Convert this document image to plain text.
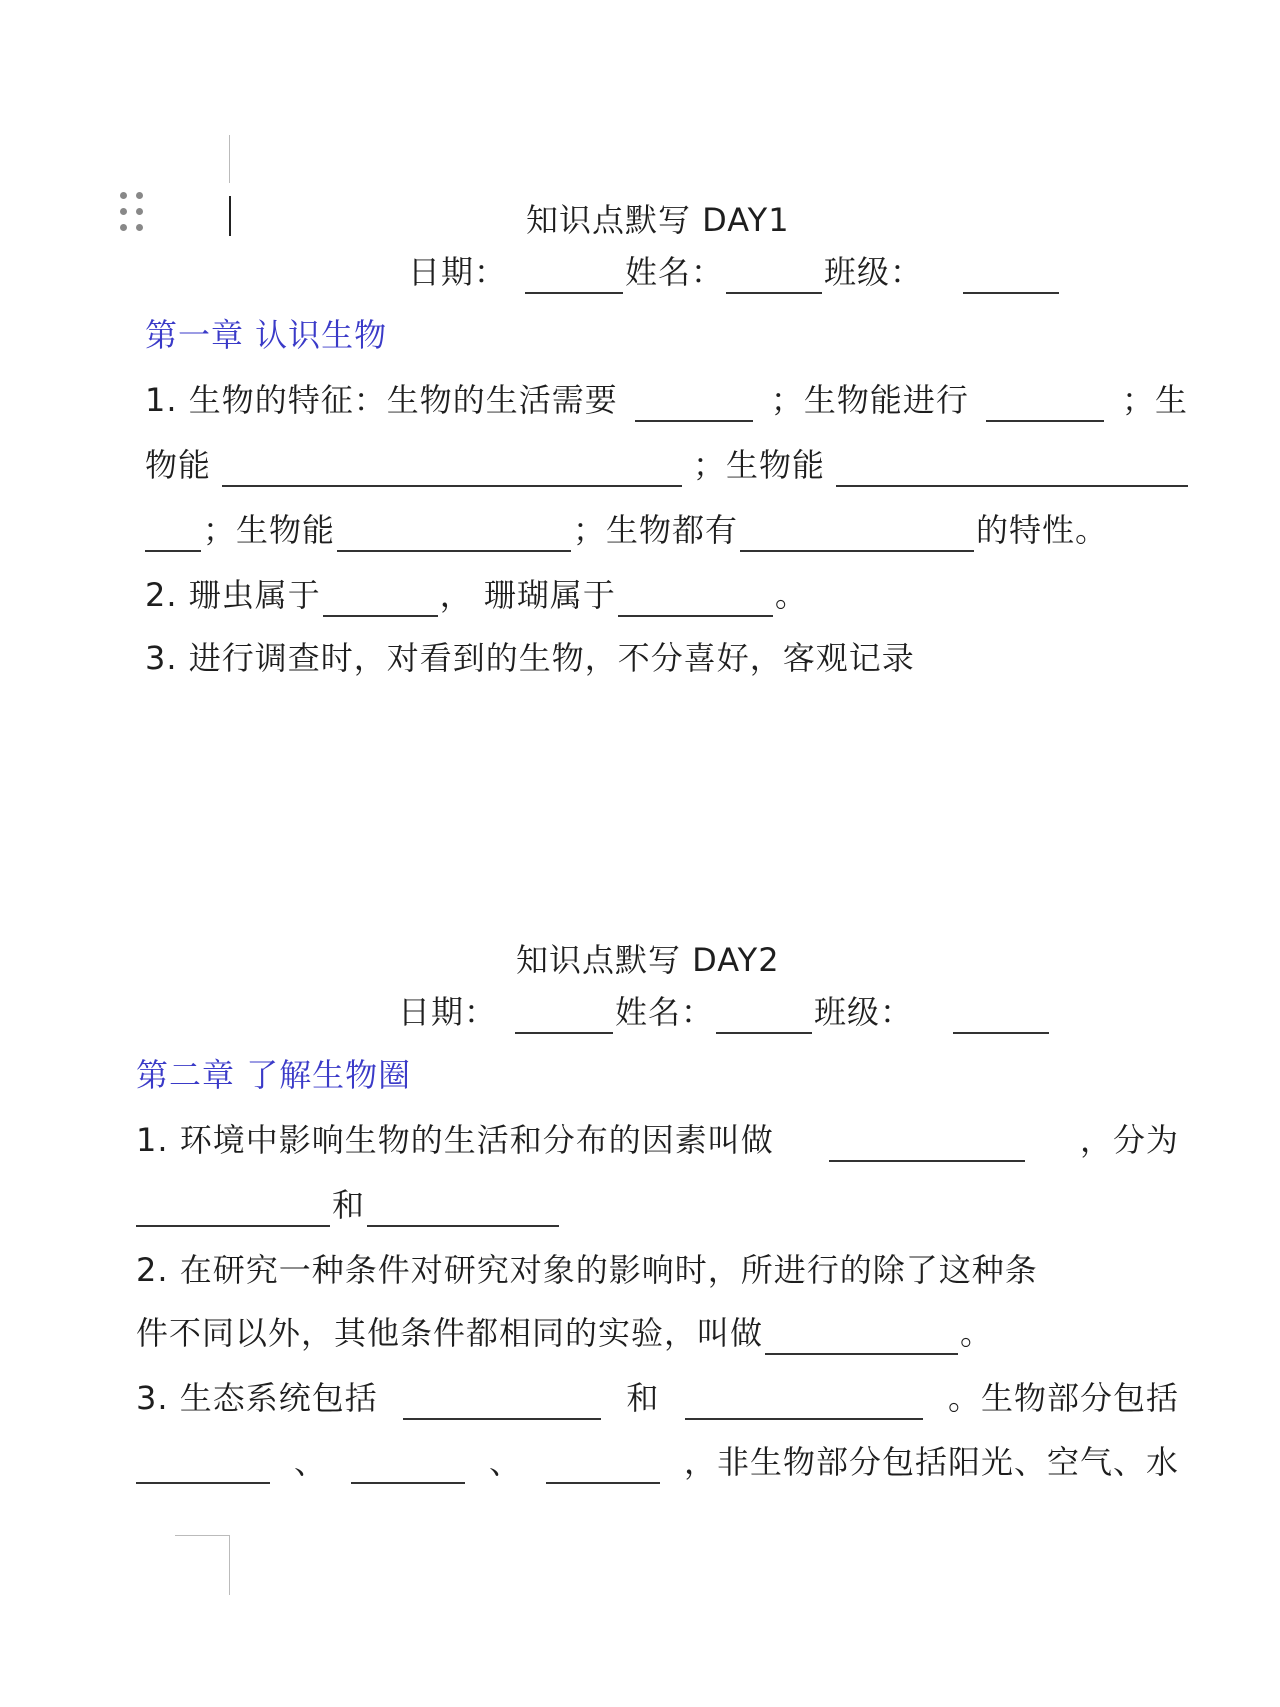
知识点默写 DAY1
日期：	姓名：	班级：
第一章 认识生物
1. 生物的特征：生物的生活需要	；生物能进行	；生
物能	；生物能
；生物能	；生物都有	的特性。
2. 珊虫属于	， 珊瑚属于	。
3. 进行调查时，对看到的生物，不分喜好，客观记录
知识点默写 DAY2
日期：	姓名：	班级：
第二章 了解生物圈
1. 环境中影响生物的生活和分布的因素叫做	，分为
和
2. 在研究一种条件对研究对象的影响时，所进行的除了这种条
件不同以外，其他条件都相同的实验，叫做	。
3. 生态系统包括	和	。生物部分包括
、	、	，非生物部分包括阳光、空气、水
